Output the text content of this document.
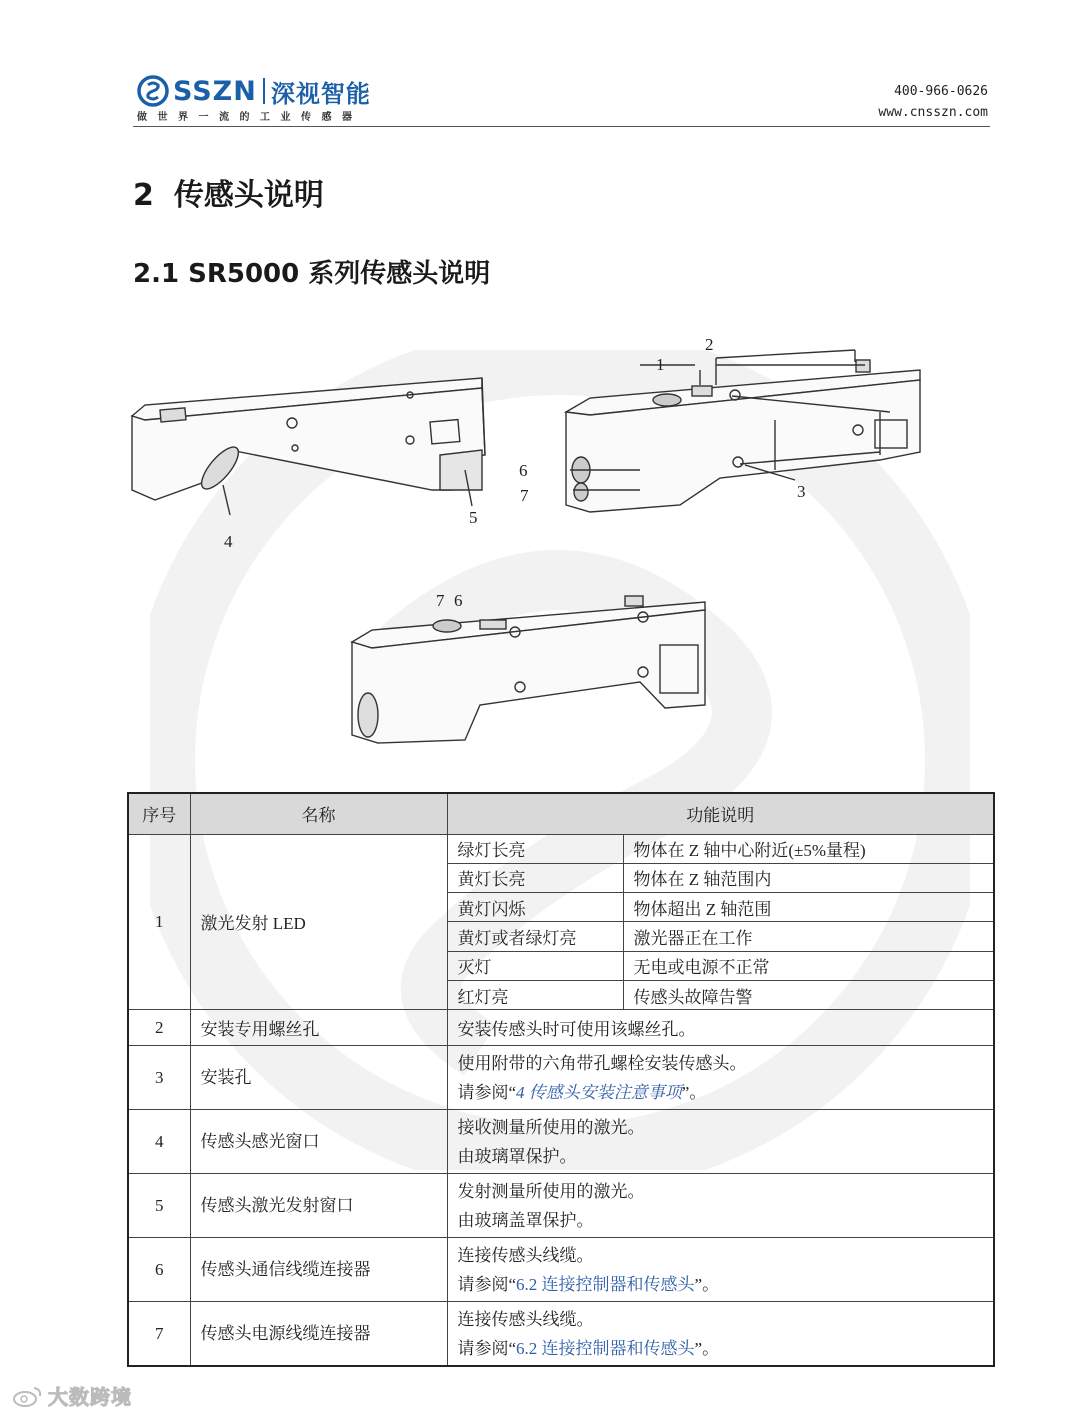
SSZN 深视智能
做世界一流的工业传感器
400-966-0626
www.cnsszn.com
2 传感头说明
2.1 SR5000 系列传感头说明
1
2
3
4
5
6
7
7 6
序号	名称	功能说明	
1	激光发射 LED	绿灯长亮	物体在 Z 轴中心附近(±5%量程)
		黄灯长亮	物体在 Z 轴范围内
		黄灯闪烁	物体超出 Z 轴范围
		黄灯或者绿灯亮	激光器正在工作
		灭灯	无电或电源不正常
		红灯亮	传感头故障告警
2	安装专用螺丝孔	安装传感头时可使用该螺丝孔。	
3	安装孔	使用附带的六角带孔螺栓安装传感头。
请参阅“4 传感头安装注意事项”。	

4	传感头感光窗口	接收测量所使用的激光。
由玻璃罩保护。	

5	传感头激光发射窗口	发射测量所使用的激光。
由玻璃盖罩保护。	

6	传感头通信线缆连接器	连接传感头线缆。
请参阅“6.2 连接控制器和传感头”。	

7	传感头电源线缆连接器	连接传感头线缆。
请参阅“6.2 连接控制器和传感头”。	
大数跨境
